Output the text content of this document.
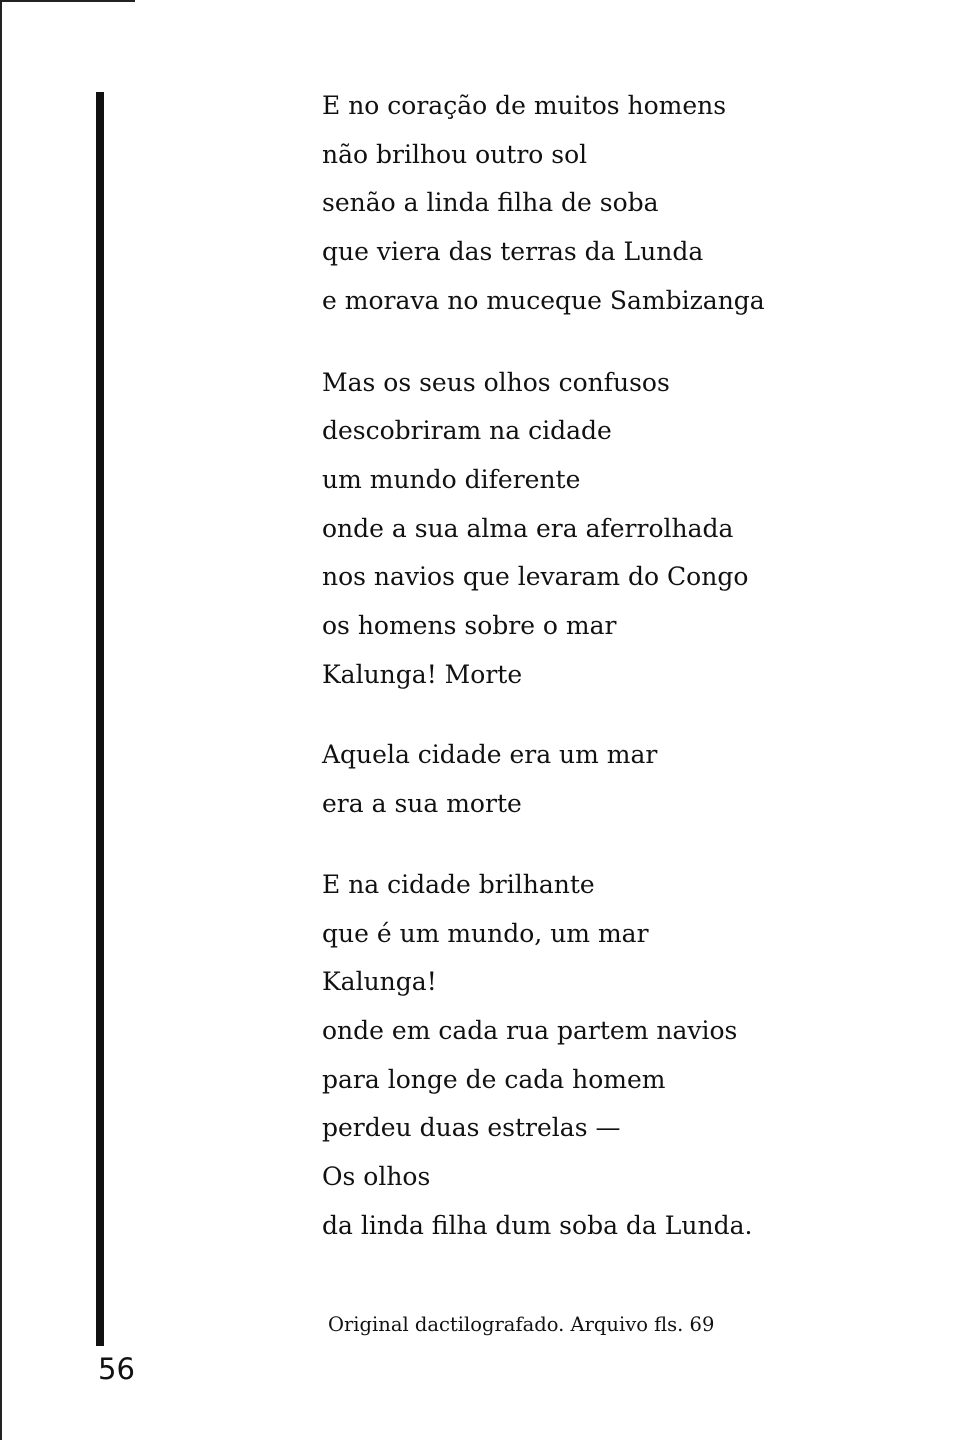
E no coração de muitos homens
não brilhou outro sol
senão a linda filha de soba
que viera das terras da Lunda
e morava no muceque Sambizanga
Mas os seus olhos confusos
descobriram na cidade
um mundo diferente
onde a sua alma era aferrolhada
nos navios que levaram do Congo
os homens sobre o mar
Kalunga! Morte
Aquela cidade era um mar
era a sua morte
E na cidade brilhante
que é um mundo, um mar
Kalunga!
onde em cada rua partem navios
para longe de cada homem
perdeu duas estrelas —
Os olhos
da linda filha dum soba da Lunda.
Original dactilografado. Arquivo fls. 69
56
